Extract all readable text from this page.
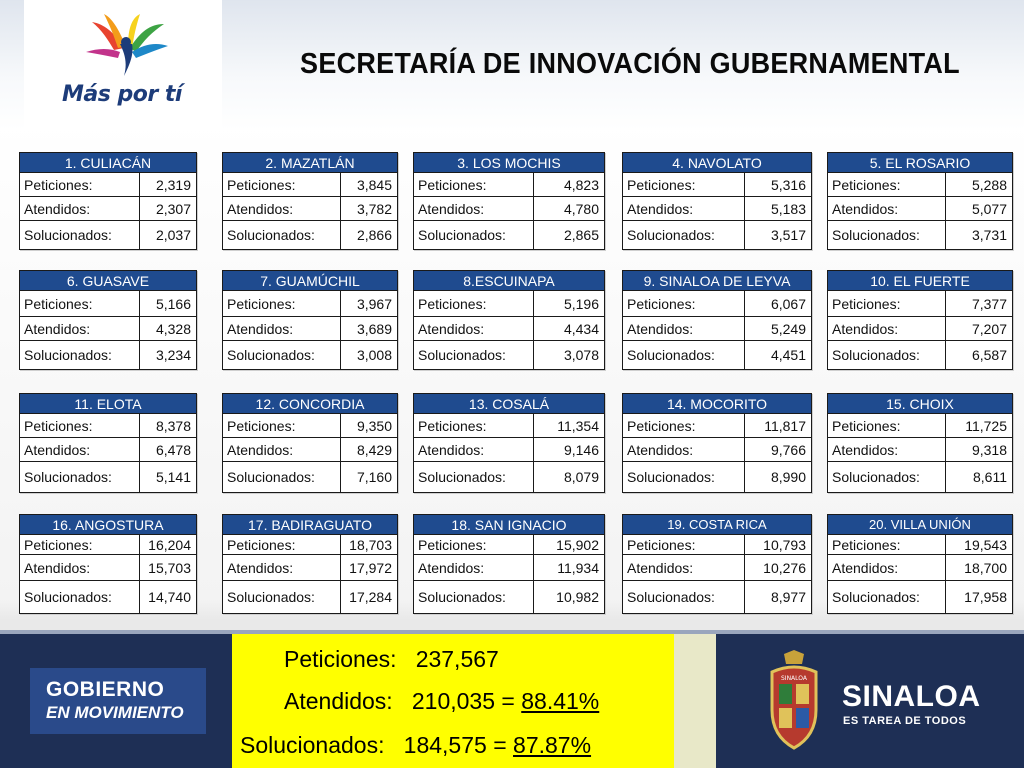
Más por tí
SECRETARÍA DE INNOVACIÓN GUBERNAMENTAL
1. CULIACÁN
Peticiones:	2,319
Atendidos:	2,307
Solucionados:	2,037
2. MAZATLÁN
Peticiones:	3,845
Atendidos:	3,782
Solucionados:	2,866
3. LOS MOCHIS
Peticiones:	4,823
Atendidos:	4,780
Solucionados:	2,865
4. NAVOLATO
Peticiones:	5,316
Atendidos:	5,183
Solucionados:	3,517
5. EL ROSARIO
Peticiones:	5,288
Atendidos:	5,077
Solucionados:	3,731
6. GUASAVE
Peticiones:	5,166
Atendidos:	4,328
Solucionados:	3,234
7. GUAMÚCHIL
Peticiones:	3,967
Atendidos:	3,689
Solucionados:	3,008
8.ESCUINAPA
Peticiones:	5,196
Atendidos:	4,434
Solucionados:	3,078
9. SINALOA DE LEYVA
Peticiones:	6,067
Atendidos:	5,249
Solucionados:	4,451
10. EL FUERTE
Peticiones:	7,377
Atendidos:	7,207
Solucionados:	6,587
11. ELOTA
Peticiones:	8,378
Atendidos:	6,478
Solucionados:	5,141
12. CONCORDIA
Peticiones:	9,350
Atendidos:	8,429
Solucionados:	7,160
13. COSALÁ
Peticiones:	11,354
Atendidos:	9,146
Solucionados:	8,079
14. MOCORITO
Peticiones:	11,817
Atendidos:	9,766
Solucionados:	8,990
15. CHOIX
Peticiones:	11,725
Atendidos:	9,318
Solucionados:	8,611
16. ANGOSTURA
Peticiones:	16,204
Atendidos:	15,703
Solucionados:	14,740
17. BADIRAGUATO
Peticiones:	18,703
Atendidos:	17,972
Solucionados:	17,284
18. SAN IGNACIO
Peticiones:	15,902
Atendidos:	11,934
Solucionados:	10,982
19. COSTA RICA
Peticiones:	10,793
Atendidos:	10,276
Solucionados:	8,977
20. VILLA UNIÓN
Peticiones:	19,543
Atendidos:	18,700
Solucionados:	17,958
GOBIERNO
EN MOVIMIENTO
Peticiones: 237,567
Atendidos: 210,035 = 88.41%
Solucionados: 184,575 = 87.87%
SINALOA
SINALOA
ES TAREA DE TODOS
